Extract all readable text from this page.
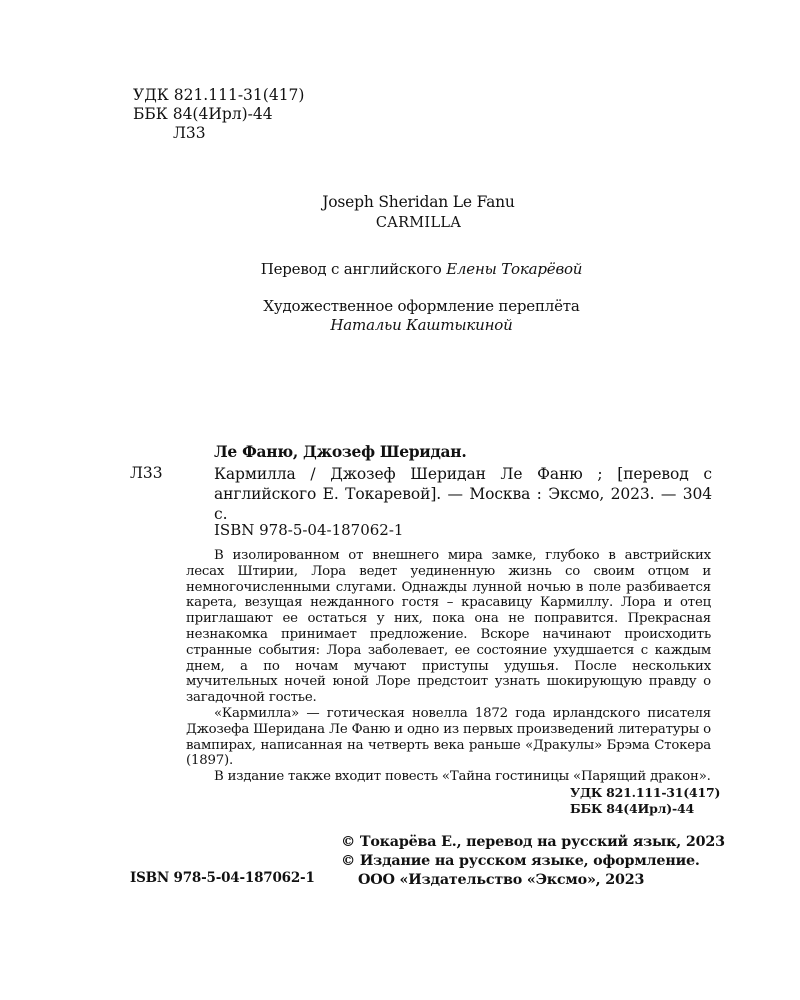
УДК 821.111-31(417)
ББК 84(4Ирл)-44
Л33
Joseph Sheridan Le Fanu
CARMILLA
Перевод с английского Елены Токарёвой
Художественное оформление переплёта
Натальи Каштыкиной
Ле Фаню, Джозеф Шеридан.
Л33	Кармилла / Джозеф Шеридан Ле Фаню ; [перевод с английского Е. Токаревой]. — Москва : Эксмо, 2023. — 304 с.
ISBN 978-5-04-187062-1

В изолированном от внешнего мира замке, глубоко в австрийских лесах Штирии, Лора ведет уединенную жизнь со своим отцом и немногочисленными слугами. Однажды лунной ночью в поле разбивается карета, везущая нежданного гостя – красавицу Кармиллу. Лора и отец приглашают ее остаться у них, пока она не поправится. Прекрасная незнакомка принимает предложение. Вскоре начинают происходить странные события: Лора заболевает, ее состояние ухудшается с каждым днем, а по ночам мучают приступы удушья. После нескольких мучительных ночей юной Лоре предстоит узнать шокирующую правду о загадочной гостье.

«Кармилла» — готическая новелла 1872 года ирландского писателя Джозефа Шеридана Ле Фаню и одно из первых произведений литературы о вампирах, написанная на четверть века раньше «Дракулы» Брэма Стокера (1897).

В издание также входит повесть «Тайна гостиницы «Парящий дракон».

УДК 821.111-31(417)
ББК 84(4Ирл)-44
© Токарёва Е., перевод на русский язык, 2023
© Издание на русском языке, оформление.
ООО «Издательство «Эксмо», 2023
ISBN 978-5-04-187062-1
